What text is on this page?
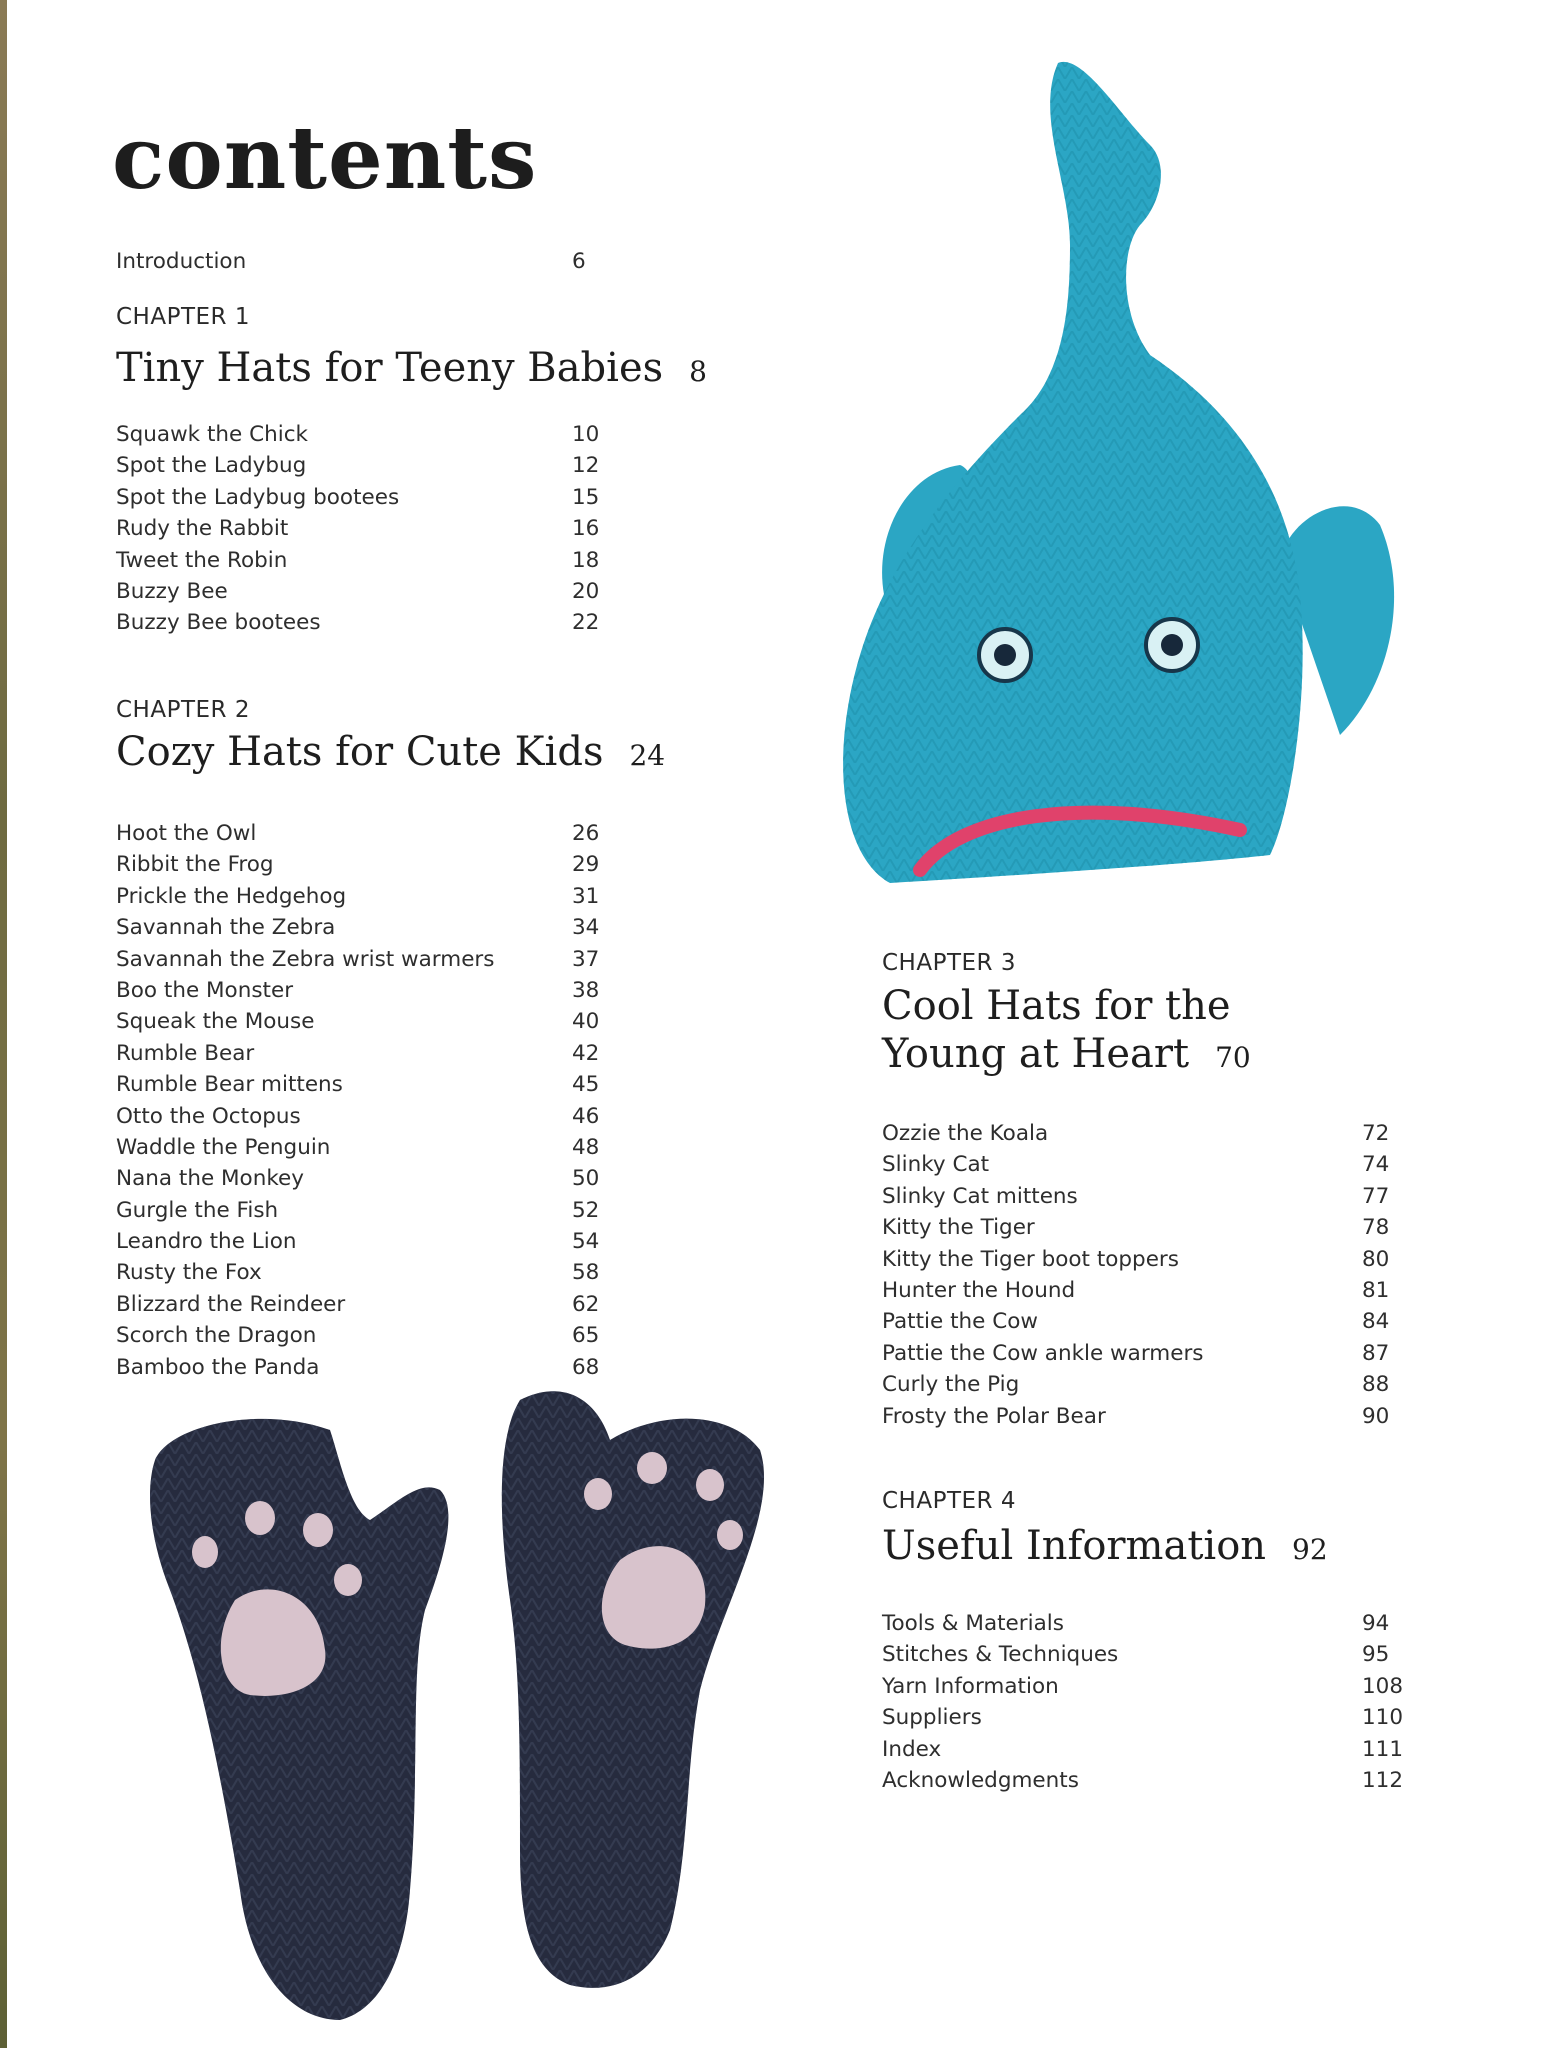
contents
Introduction	6
CHAPTER 1
Tiny Hats for Teeny Babies 8
Squawk the Chick	10
Spot the Ladybug	12
Spot the Ladybug bootees	15
Rudy the Rabbit	16
Tweet the Robin	18
Buzzy Bee	20
Buzzy Bee bootees	22
CHAPTER 2
Cozy Hats for Cute Kids 24
Hoot the Owl	26
Ribbit the Frog	29
Prickle the Hedgehog	31
Savannah the Zebra	34
Savannah the Zebra wrist warmers	37
Boo the Monster	38
Squeak the Mouse	40
Rumble Bear	42
Rumble Bear mittens	45
Otto the Octopus	46
Waddle the Penguin	48
Nana the Monkey	50
Gurgle the Fish	52
Leandro the Lion	54
Rusty the Fox	58
Blizzard the Reindeer	62
Scorch the Dragon	65
Bamboo the Panda	68
CHAPTER 3
Cool Hats for the
Young at Heart 70
Ozzie the Koala	72
Slinky Cat	74
Slinky Cat mittens	77
Kitty the Tiger	78
Kitty the Tiger boot toppers	80
Hunter the Hound	81
Pattie the Cow	84
Pattie the Cow ankle warmers	87
Curly the Pig	88
Frosty the Polar Bear	90
CHAPTER 4
Useful Information 92
Tools & Materials	94
Stitches & Techniques	95
Yarn Information	108
Suppliers	110
Index	111
Acknowledgments	112
